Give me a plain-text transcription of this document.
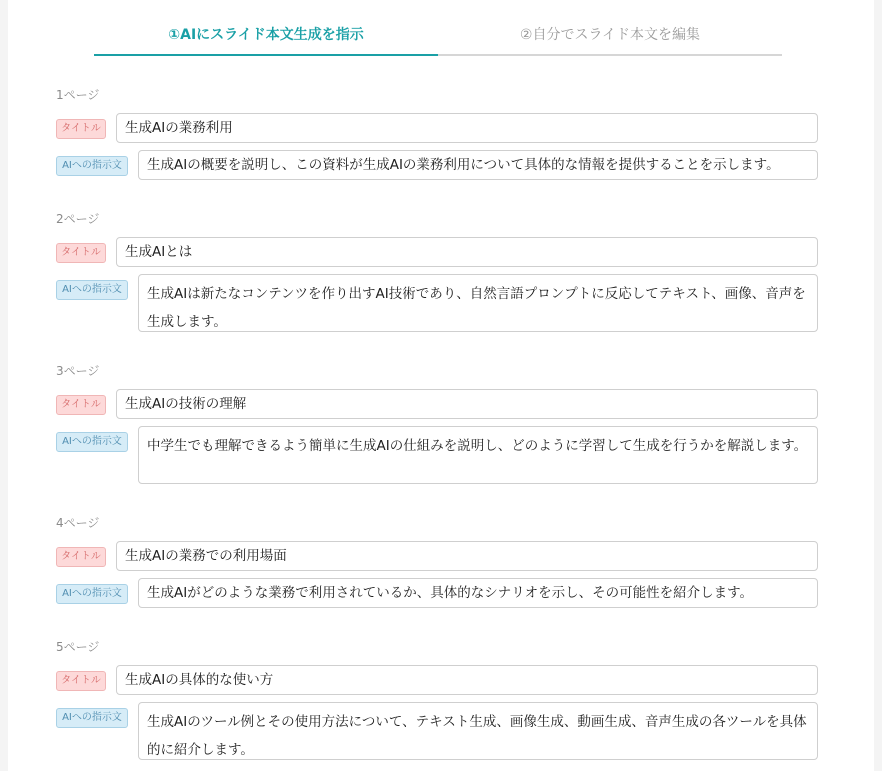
①AIにスライド本文生成を指示	②自分でスライド本文を編集
1ページ
タイトル	生成AIの業務利用
AIへの指示文	生成AIの概要を説明し、この資料が生成AIの業務利用について具体的な情報を提供することを示します。
2ページ
タイトル	生成AIとは
AIへの指示文	生成AIは新たなコンテンツを作り出すAI技術であり、自然言語プロンプトに反応してテキスト、画像、音声を生成します。
3ページ
タイトル	生成AIの技術の理解
AIへの指示文	中学生でも理解できるよう簡単に生成AIの仕組みを説明し、どのように学習して生成を行うかを解説します。
4ページ
タイトル	生成AIの業務での利用場面
AIへの指示文	生成AIがどのような業務で利用されているか、具体的なシナリオを示し、その可能性を紹介します。
5ページ
タイトル	生成AIの具体的な使い方
AIへの指示文	生成AIのツール例とその使用方法について、テキスト生成、画像生成、動画生成、音声生成の各ツールを具体的に紹介します。
